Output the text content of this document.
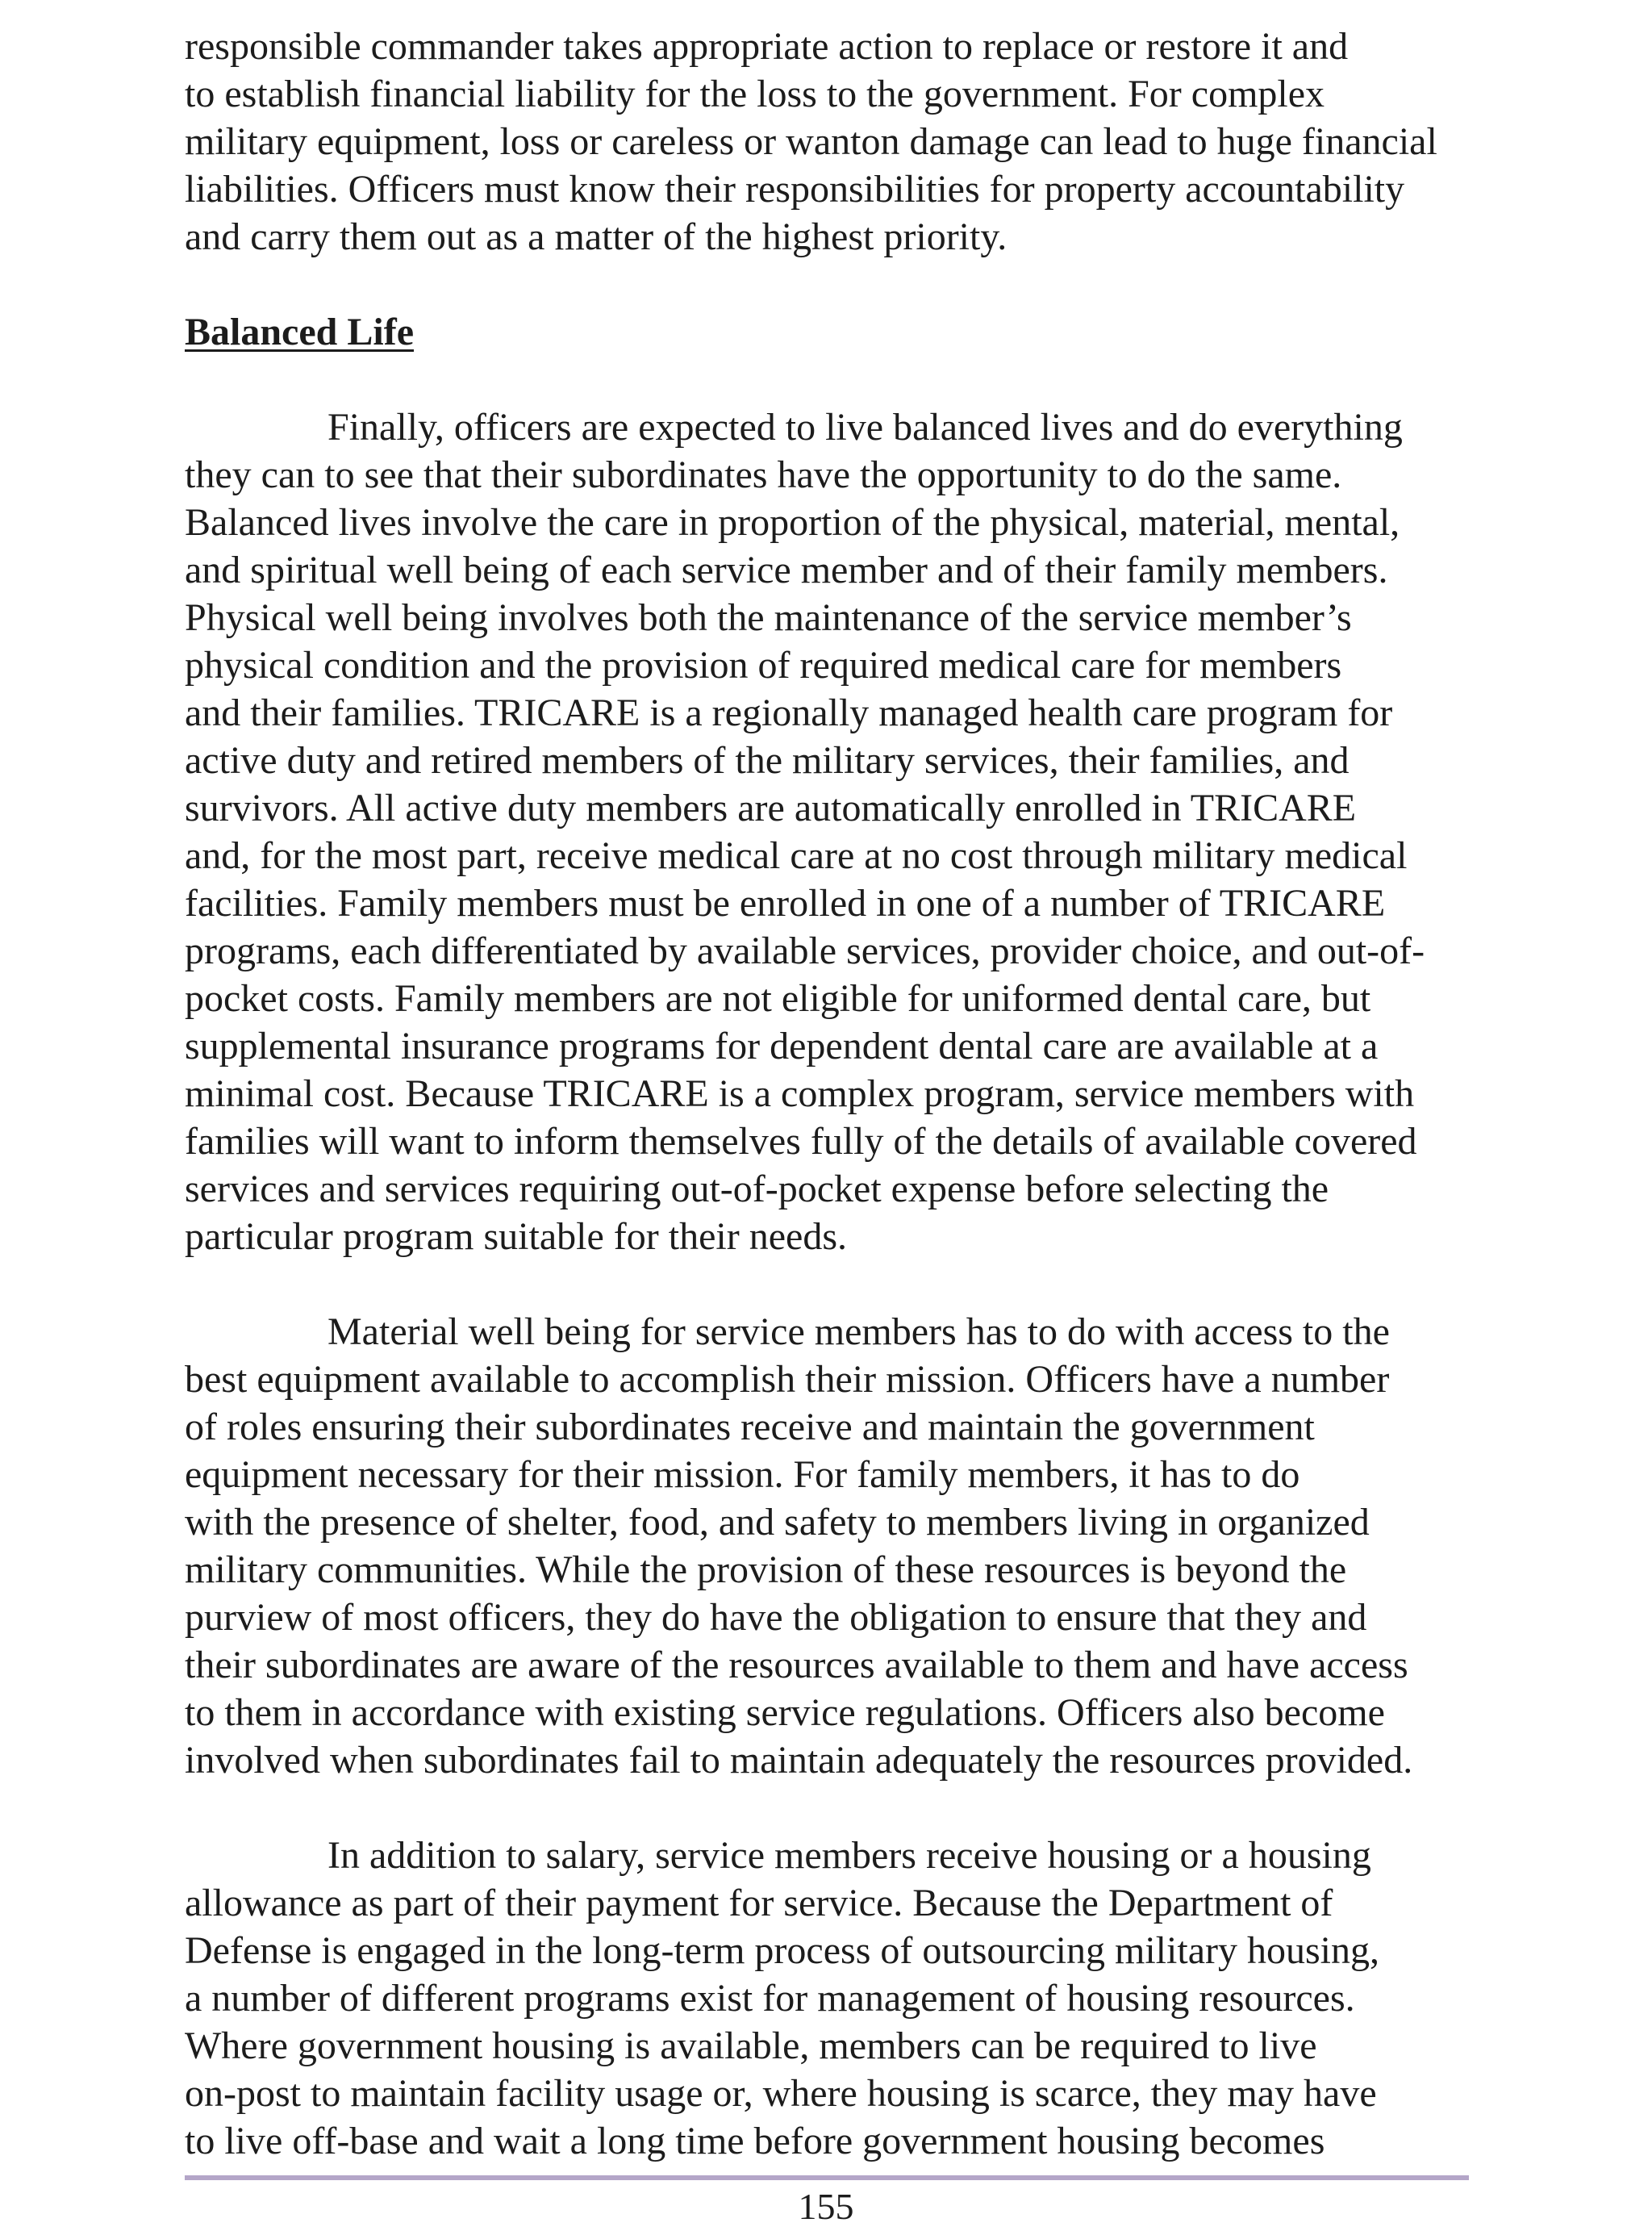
responsible commander takes appropriate action to replace or restore it and
to establish financial liability for the loss to the government. For complex
military equipment, loss or careless or wanton damage can lead to huge financial
liabilities. Officers must know their responsibilities for property accountability
and carry them out as a matter of the highest priority.
Balanced Life
Finally, officers are expected to live balanced lives and do everything
they can to see that their subordinates have the opportunity to do the same.
Balanced lives involve the care in proportion of the physical, material, mental,
and spiritual well being of each service member and of their family members.
Physical well being involves both the maintenance of the service member’s
physical condition and the provision of required medical care for members
and their families. TRICARE is a regionally managed health care program for
active duty and retired members of the military services, their families, and
survivors. All active duty members are automatically enrolled in TRICARE
and, for the most part, receive medical care at no cost through military medical
facilities. Family members must be enrolled in one of a number of TRICARE
programs, each differentiated by available services, provider choice, and out-of-
pocket costs. Family members are not eligible for uniformed dental care, but
supplemental insurance programs for dependent dental care are available at a
minimal cost. Because TRICARE is a complex program, service members with
families will want to inform themselves fully of the details of available covered
services and services requiring out-of-pocket expense before selecting the
particular program suitable for their needs.
Material well being for service members has to do with access to the
best equipment available to accomplish their mission. Officers have a number
of roles ensuring their subordinates receive and maintain the government
equipment necessary for their mission. For family members, it has to do
with the presence of shelter, food, and safety to members living in organized
military communities. While the provision of these resources is beyond the
purview of most officers, they do have the obligation to ensure that they and
their subordinates are aware of the resources available to them and have access
to them in accordance with existing service regulations. Officers also become
involved when subordinates fail to maintain adequately the resources provided.
In addition to salary, service members receive housing or a housing
allowance as part of their payment for service. Because the Department of
Defense is engaged in the long-term process of outsourcing military housing,
a number of different programs exist for management of housing resources.
Where government housing is available, members can be required to live
on-post to maintain facility usage or, where housing is scarce, they may have
to live off-base and wait a long time before government housing becomes
155
